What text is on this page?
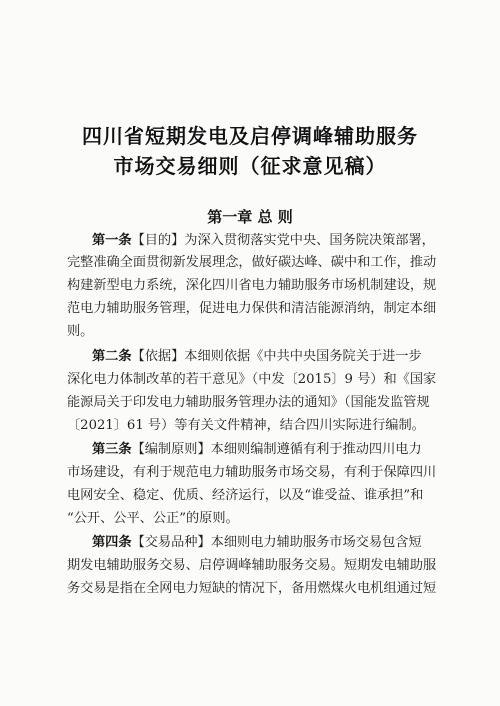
四川省短期发电及启停调峰辅助服务
市场交易细则（征求意见稿）
第一章 总 则
第一条【目的】为深入贯彻落实党中央、国务院决策部署，
完整准确全面贯彻新发展理念，做好碳达峰、碳中和工作，推动
构建新型电力系统，深化四川省电力辅助服务市场机制建设，规
范电力辅助服务管理，促进电力保供和清洁能源消纳，制定本细
则。
第二条【依据】本细则依据《中共中央国务院关于进一步
深化电力体制改革的若干意见》（中发〔2015〕9 号）和《国家
能源局关于印发电力辅助服务管理办法的通知》（国能发监管规
〔2021〕61 号）等有关文件精神，结合四川实际进行编制。
第三条【编制原则】本细则编制遵循有利于推动四川电力
市场建设，有利于规范电力辅助服务市场交易，有利于保障四川
电网安全、稳定、优质、经济运行，以及“谁受益、谁承担”和
“公开、公平、公正”的原则。
第四条【交易品种】本细则电力辅助服务市场交易包含短
期发电辅助服务交易、启停调峰辅助服务交易。短期发电辅助服
务交易是指在全网电力短缺的情况下，备用燃煤火电机组通过短
